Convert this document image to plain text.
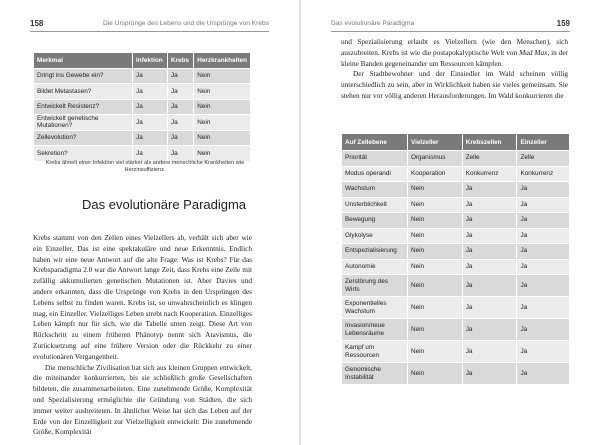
158	Die Ursprünge des Lebens und die Ursprünge von Krebs
Merkmal	Infektion	Krebs	Herzkrankheiten
Dringt ins Gewebe ein?	Ja	Ja	Nein
Bildet Metastasen?	Ja	Ja	Nein
Entwickelt Resistenz?	Ja	Ja	Nein
Entwickelt genetische Mutationen?	Ja	Ja	Nein
Zellevolution?	Ja	Ja	Nein
Sekretion?	Ja	Ja	Nein
Krebs ähnelt einer Infektion viel stärker als andere menschliche Krankheiten wie Herzinsuffizienz.
Das evolutionäre Paradigma

Krebs stammt von den Zellen eines Vielzellers ab, verhält sich aber wie ein Einzeller. Das ist eine spektakuläre und neue Erkenntnis. Endlich haben wir eine neue Antwort auf die alte Frage: Was ist Krebs? Für das Krebsparadigma 2.0 war die Antwort lange Zeit, dass Krebs eine Zelle mit zufällig akkumulierten genetischen Mutationen ist. Aber Davies und andere erkannten, dass die Ursprünge von Krebs in den Ursprüngen des Lebens selbst zu finden waren. Krebs ist, so unwahrscheinlich es klingen mag, ein Einzeller. Vielzelliges Leben strebt nach Kooperation. Einzelliges Leben kämpft nur für sich, wie die Tabelle unten zeigt. Diese Art von Rückschritt zu einem früheren Phänotyp nennt sich Atavismus, die Zurücksetzung auf eine frühere Version oder die Rückkehr zu einer evolutionären Vergangenheit.

Die menschliche Zivilisation hat sich aus kleinen Gruppen entwickelt, die miteinander konkurrierten, bis sie schließlich große Gesellschaften bildeten, die zusammenarbeiteten. Eine zunehmende Größe, Komplexität und Spezialisierung ermöglichte die Gründung von Städten, die sich immer weiter ausbreiteten. In ähnlicher Weise hat sich das Leben auf der Erde von der Einzelligkeit zur Vielzelligkeit entwickelt: Die zunehmende Größe, Komplexität

Das evolutionäre Paradigma	159

und Spezialisierung erlaubt es Vielzellern (wie den Menschen), sich auszubreiten. Krebs ist wie die postapokalyptische Welt von Mad Max, in der kleine Banden gegeneinander um Ressourcen kämpfen.

Der Stadtbewohner und der Einsiedler im Wald scheinen völlig unterschiedlich zu sein, aber in Wirklichkeit haben sie vieles gemeinsam. Sie stehen nur vor völlig anderen Herausforderungen. Im Wald konkurrieren die

Auf Zellebene	Vielzeller	Krebszellen	Einzeller
Priorität	Organismus	Zelle	Zelle
Modus operandi	Kooperation	Konkurrenz	Konkurrenz
Wachstum	Nein	Ja	Ja
Unsterblichkeit	Nein	Ja	Ja
Bewegung	Nein	Ja	Ja
Glykolyse	Nein	Ja	Ja
Entspezialisierung	Nein	Ja	Ja
Autonomie	Nein	Ja	Ja
Zerstörung des Wirts	Nein	Ja	Ja
Exponentielles Wachstum	Nein	Ja	Ja
Invasion/neue Lebensräume	Nein	Ja	Ja
Kampf um Ressourcen	Nein	Ja	Ja
Genomische Instabilität	Nein	Ja	Ja
